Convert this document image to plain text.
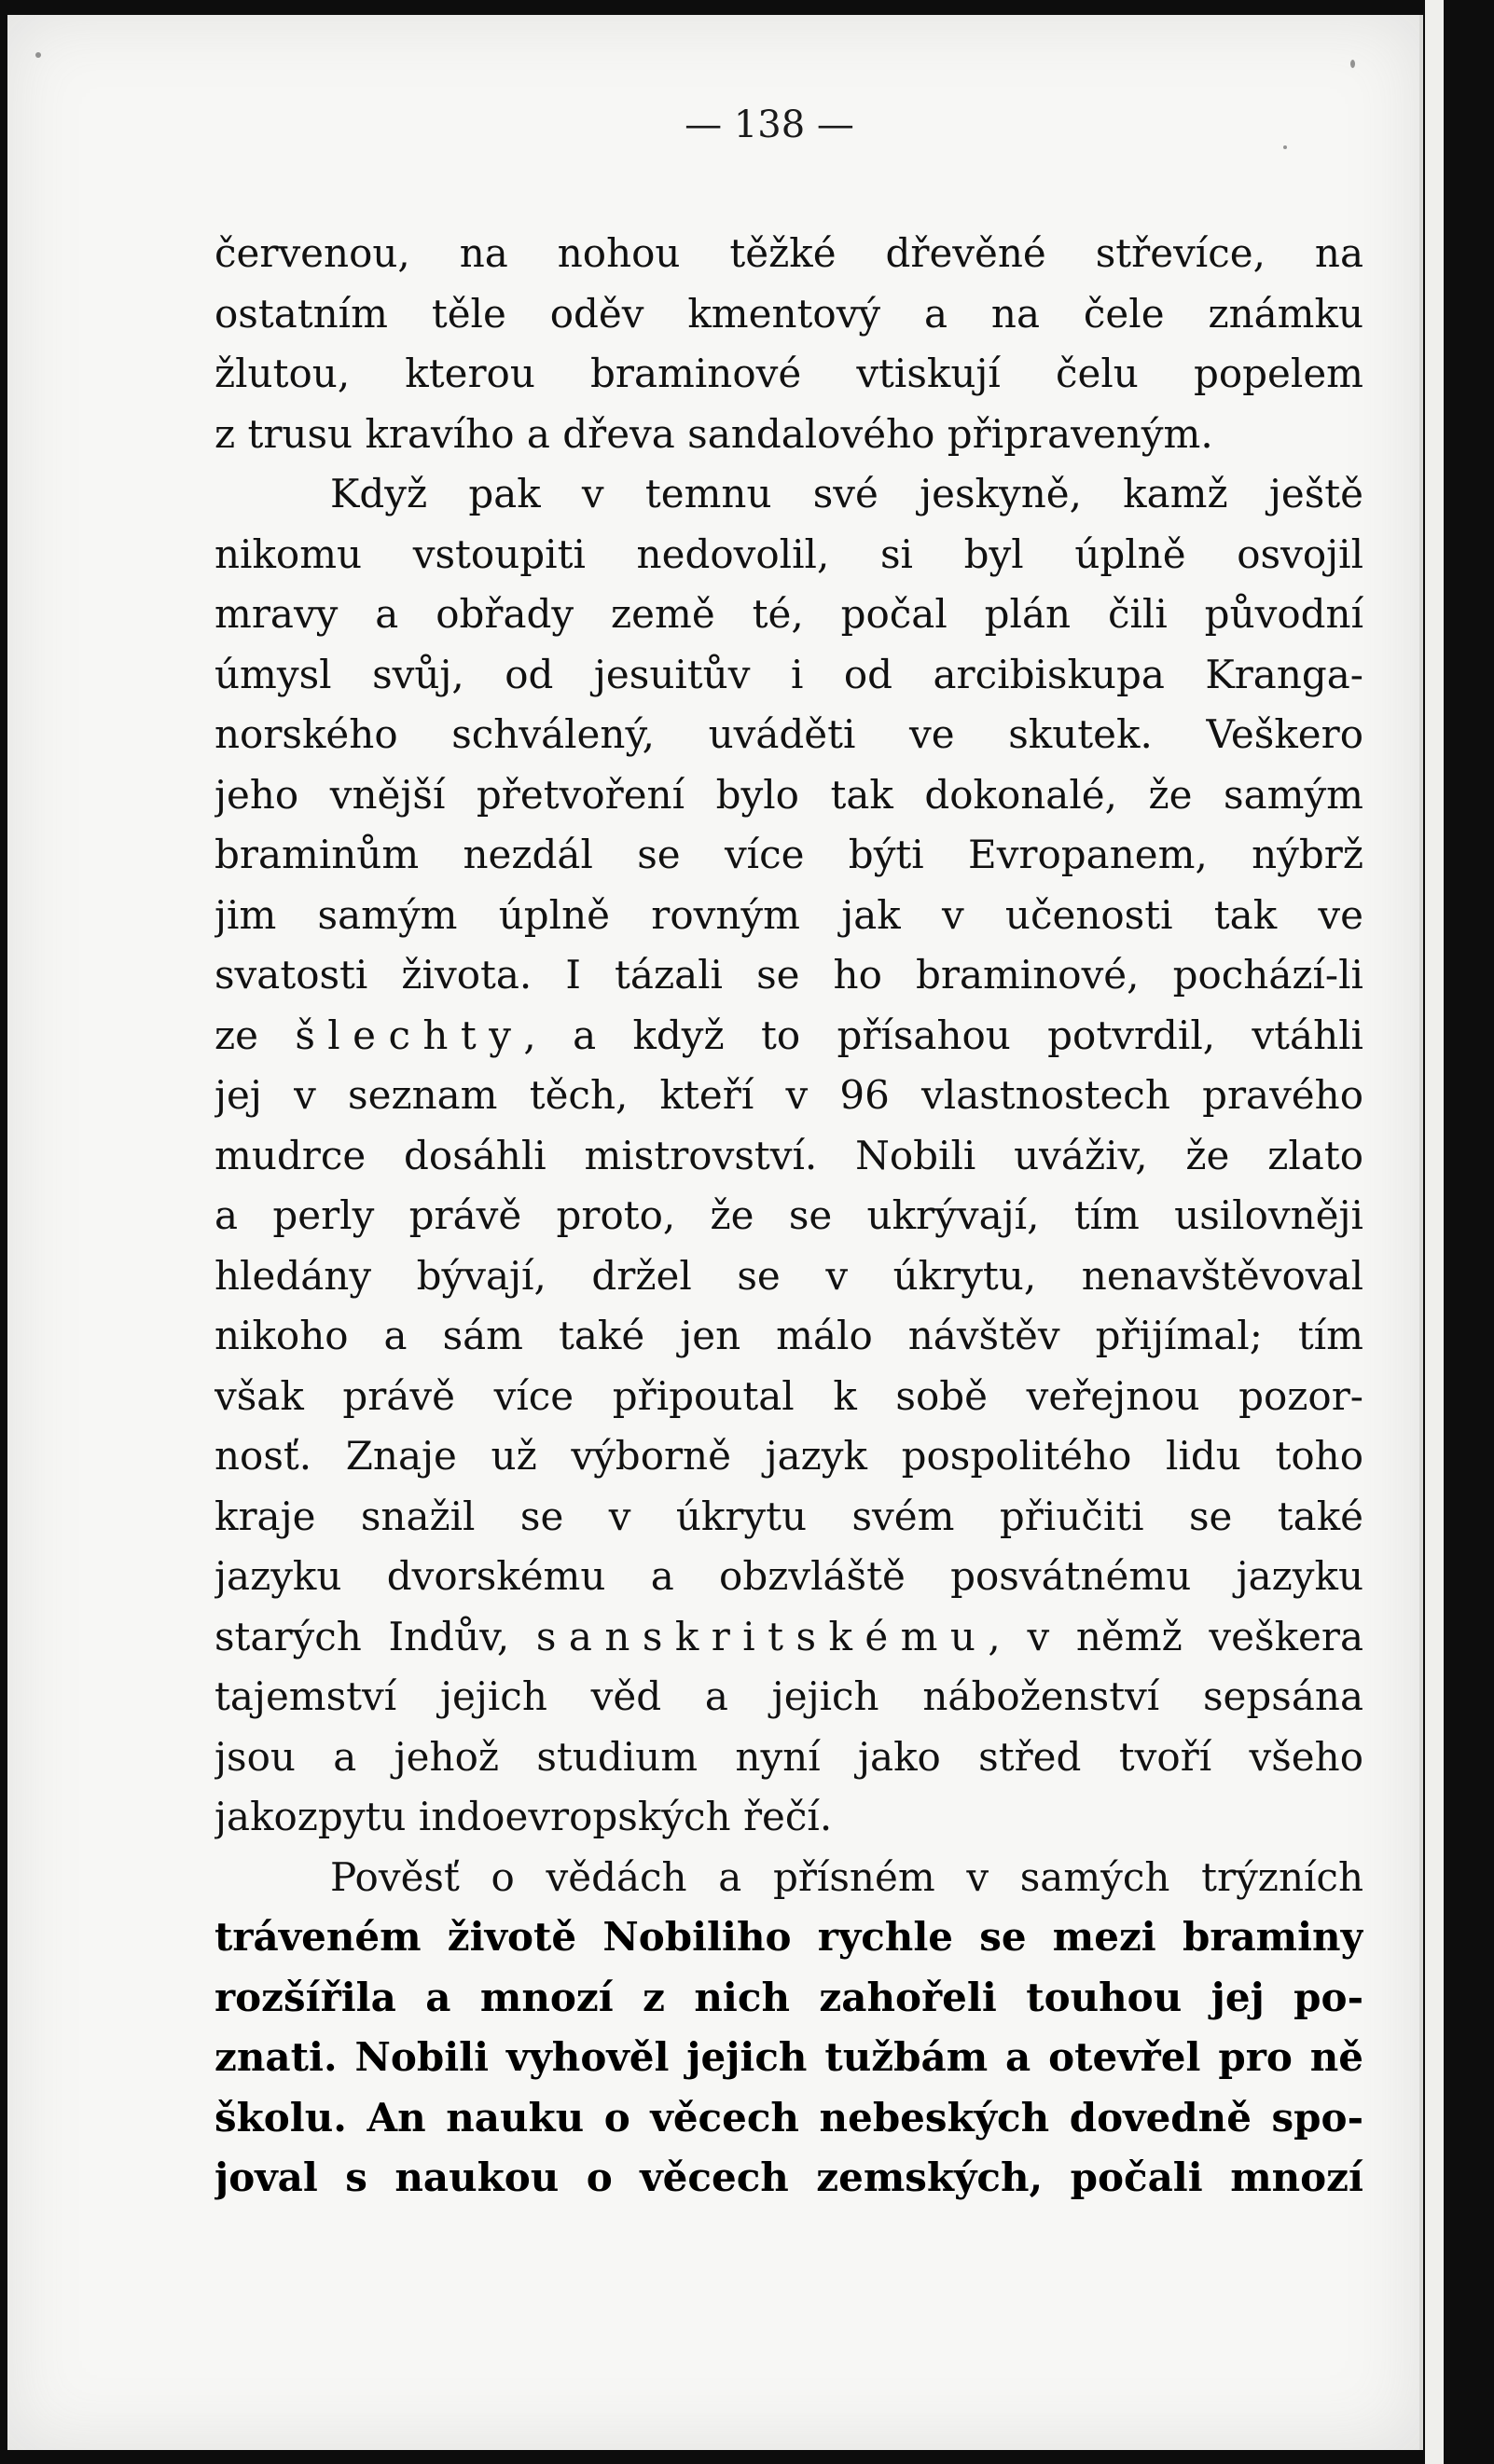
— 138 —
červenou, na nohou těžké dřevěné střevíce, na
ostatním těle oděv kmentový a na čele známku
žlutou, kterou braminové vtiskují čelu popelem
z trusu kravího a dřeva sandalového připraveným.
Když pak v temnu své jeskyně, kamž ještě
nikomu vstoupiti nedovolil, si byl úplně osvojil
mravy a obřady země té, počal plán čili původní
úmysl svůj, od jesuitův i od arcibiskupa Kranga-
norského schválený, uváděti ve skutek. Veškero
jeho vnější přetvoření bylo tak dokonalé, že samým
braminům nezdál se více býti Evropanem, nýbrž
jim samým úplně rovným jak v učenosti tak ve
svatosti života. I tázali se ho braminové, pochází-li
ze šlechty, a když to přísahou potvrdil, vtáhli
jej v seznam těch, kteří v 96 vlastnostech pravého
mudrce dosáhli mistrovství. Nobili uváživ, že zlato
a perly právě proto, že se ukrývají, tím usilovněji
hledány bývají, držel se v úkrytu, nenavštěvoval
nikoho a sám také jen málo návštěv přijímal; tím
však právě více připoutal k sobě veřejnou pozor-
nosť. Znaje už výborně jazyk pospolitého lidu toho
kraje snažil se v úkrytu svém přiučiti se také
jazyku dvorskému a obzvláště posvátnému jazyku
starých Indův, sanskritskému, v němž veškera
tajemství jejich věd a jejich náboženství sepsána
jsou a jehož studium nyní jako střed tvoří všeho
jakozpytu indoevropských řečí.
Pověsť o vědách a přísném v samých trýzních
tráveném životě Nobiliho rychle se mezi braminy
rozšířila a mnozí z nich zahořeli touhou jej po-
znati. Nobili vyhověl jejich tužbám a otevřel pro ně
školu. An nauku o věcech nebeských dovedně spo-
joval s naukou o věcech zemských, počali mnozí
